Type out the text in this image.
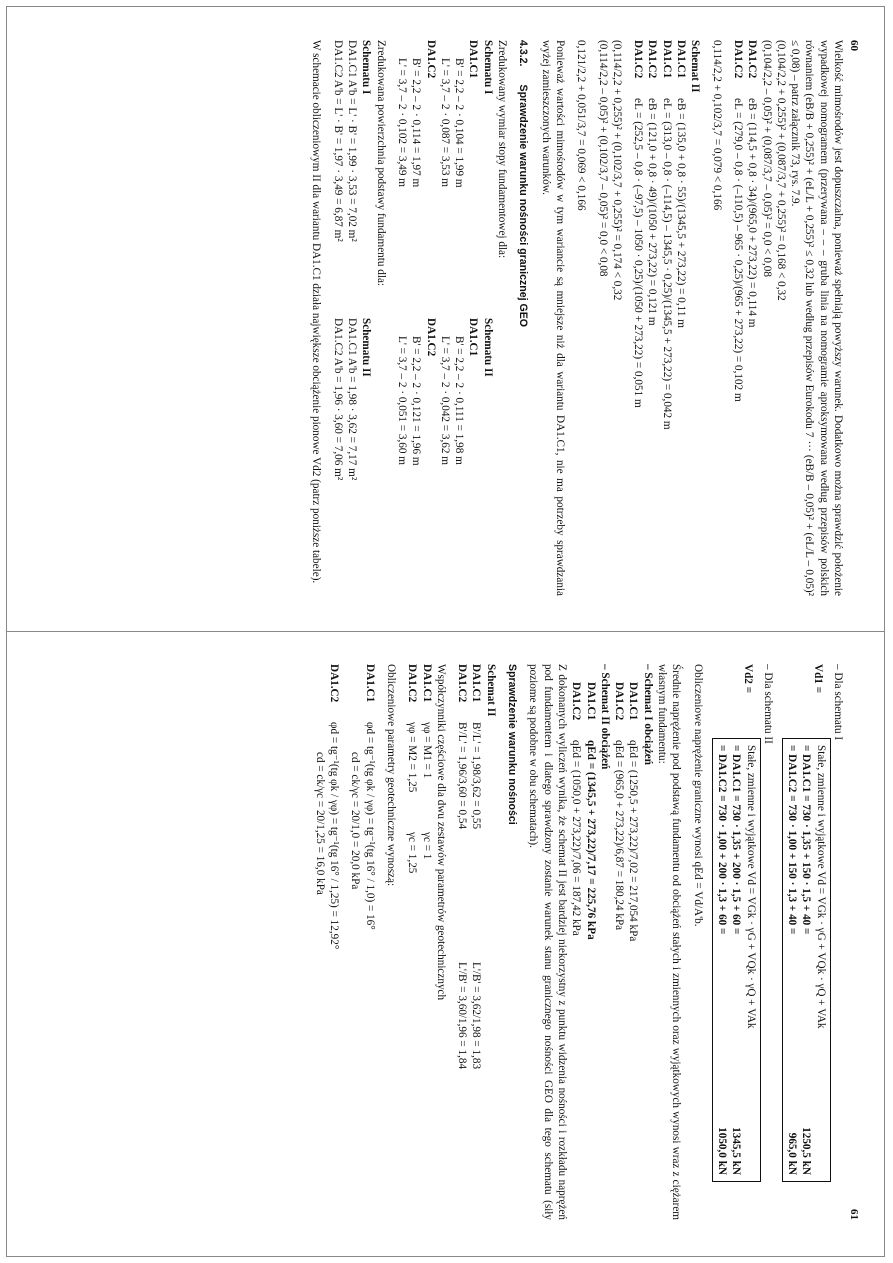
60
Wielkość mimośrodów jest dopuszczalna, ponieważ spełniają powyższy warunek. Dodatkowo można sprawdzić położenie wypadkowej nomogramem (przerywana – – – gruba linia na nomogramie aproksymowana według przepisów polskich równaniem (eB/B + 0,255)² + (eL/L + 0,255)² ≤ 0,32 lub według przepisów Eurokodu 7 ··· (eB/B – 0,05)² + (eL/L – 0,05)² ≤ 0,08) – patrz załącznik 73, rys. 7.9.
(0,104/2,2 + 0,255)² + (0,087/3,7 + 0,255)² = 0,168 < 0,32
(0,104/2,2 – 0,05)² + (0,087/3,7 – 0,05)² = 0,0 < 0,08
DA1.C2eB = (114,5 + 0,8 · 34)/(965,0 + 273,22) = 0,114 m
DA1.C2eL = (279,0 – 0,8 · (–110,5) – 965 · 0,25)/(965 + 273,22) = 0,102 m
0,114/2,2 + 0,102/3,7 = 0,079 < 0,166
Schemat II
DA1.C1eB = (135,0 + 0,8 · 55)/(1345,5 + 273,22) = 0,11 m
DA1.C1eL = (313,0 – 0,8 · (–114,5) – 1345,5 · 0,25)/(1345,5 + 273,22) = 0,042 m
DA1.C2eB = (121,0 + 0,8 · 49)/(1050 + 273,22) = 0,121 m
DA1.C2eL = (252,5 – 0,8 · (–97,5) – 1050 · 0,25)/(1050 + 273,22) = 0,051 m
(0,114/2,2 + 0,255)² + (0,102/3,7 + 0,255)² = 0,174 < 0,32
(0,114/2,2 – 0,05)² + (0,102/3,7 – 0,05)² = 0,0 < 0,08
0,121/2,2 + 0,051/3,7 = 0,069 < 0,166
Ponieważ wartości mimośrodów w tym wariancie są mniejsze niż dla wariantu DA1.C1, nie ma potrzeby sprawdzania wyżej zamieszczonych warunków.
4.3.2.
Sprawdzenie warunku nośności granicznej GEO
Zredukowany wymiar stopy fundamentowej dla:
Schematu I
DA1.C1
B' = 2,2 – 2 · 0,104 = 1,99 m
L' = 3,7 – 2 · 0,087 = 3,53 m
DA1.C2
B' = 2,2 – 2 · 0,114 = 1,97 m
L' = 3,7 – 2 · 0,102 = 3,49 m
Schematu II
DA1.C1
B' = 2,2 – 2 · 0,111 = 1,98 m
L' = 3,7 – 2 · 0,042 = 3,62 m
DA1.C2
B' = 2,2 – 2 · 0,121 = 1,96 m
L' = 3,7 – 2 · 0,051 = 3,60 m
Zredukowana powierzchnia podstawy fundamentu dla:
Schematu I
DA1.C1 A'b = L' · B' = 1,99 · 3,53 = 7,02 m²
DA1.C2 A'b = L' · B' = 1,97 · 3,49 = 6,87 m²
Schematu II
DA1.C1 A'b = 1,98 · 3,62 = 7,17 m²
DA1.C2 A'b = 1,96 · 3,60 = 7,06 m²
W schemacie obliczeniowym II dla wariantu DA1.C1 działa największe obciążenie pionowe Vd2 (patrz poniższe tabele).
61
– Dla schematu I
Vd1 =
Stałe, zmienne i wyjątkowe Vd = VGk · γG + VQk · γQ + VAk
= DA1.C1 = 730 · 1,35 + 150 · 1,5 + 40 =
1250,5 kN
= DA1.C2 = 730 · 1,00 + 150 · 1,3 + 40 =
965,0 kN
– Dla schematu II
Vd2 =
Stałe, zmienne i wyjątkowe Vd = VGk · γG + VQk · γQ + VAk
= DA1.C1 = 730 · 1,35 + 200 · 1,5 + 60 =
1345,5 kN
= DA1.C2 = 730 · 1,00 + 200 · 1,3 + 60 =
1050,0 kN
Obliczeniowe naprężenie graniczne wynosi qEd = Vd/A'b.
Średnie naprężenie pod podstawą fundamentu od obciążeń stałych i zmiennych oraz wyjątkowych wynosi wraz z ciężarem własnym fundamentu:
– Schemat I obciążeń
DA1.C1qEd = (1250,5 + 273,22)/7,02 = 217,054 kPa
DA1.C2qEd = (965,0 + 273,22)/6,87 = 180,24 kPa
– Schemat II obciążeń
DA1.C1qEd = (1345,5 + 273,22)/7,17 = 225,76 kPa
DA1.C2qEd = (1050,0 + 273,22)/7,06 = 187,42 kPa
Z dokonanych wyliczeń wynika, że schemat II jest bardziej niekorzystny z punktu widzenia nośności i rozkładu naprężeń pod fundamentem i dlatego sprawdzony zostanie warunek stanu granicznego nośności GEO dla tego schematu (siły poziome są podobne w obu schematach).
Sprawdzenie warunku nośności
Schemat II
DA1.C1B'/L' = 1,98/3,62 = 0,55L'/B' = 3,62/1,98 = 1,83
DA1.C2B'/L' = 1,96/3,60 = 0,54L'/B' = 3,60/1,96 = 1,84
Współczynniki częściowe dla dwu zestawów parametrów geotechnicznych
DA1.C1γφ = M1 = 1γc = 1
DA1.C2γφ = M2 = 1,25γc = 1,25
Obliczeniowe parametry geotechniczne wynoszą:
DA1.C1φd = tg⁻¹(tg φk / γφ) = tg⁻¹(tg 16° / 1,0) = 16°
cd = ck/γc = 20/1,0 = 20,0 kPa
DA1.C2φd = tg⁻¹(tg φk / γφ) = tg⁻¹(tg 16° / 1,25) = 12,92°
cd = ck/γc = 20/1,25 = 16,0 kPa
